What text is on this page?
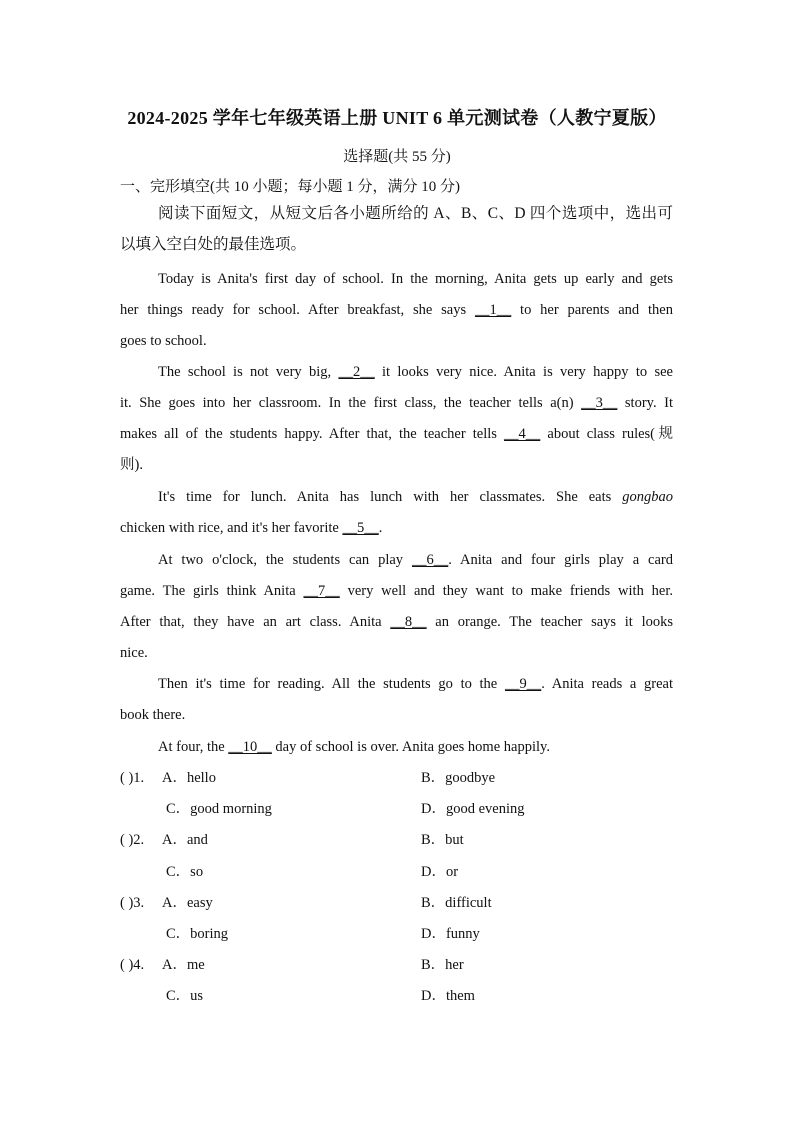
2024-2025 学年七年级英语上册 UNIT 6 单元测试卷（人教宁夏版）
选择题(共 55 分)
一、完形填空(共 10 小题；每小题 1 分，满分 10 分)
阅读下面短文，从短文后各小题所给的 A、B、C、D 四个选项中，选出可
以填入空白处的最佳选项。
Today is Anita's first day of school. In the morning, Anita gets up early and gets
her things ready for school. After breakfast, she says __1__ to her parents and then
goes to school.
The school is not very big, __2__ it looks very nice. Anita is very happy to see
it. She goes into her classroom. In the first class, the teacher tells a(n) __3__ story. It
makes all of the students happy. After that, the teacher tells __4__ about class rules(规
则).
It's time for lunch. Anita has lunch with her classmates. She eats gongbao
chicken with rice, and it's her favorite __5__.
At two o'clock, the students can play __6__. Anita and four girls play a card
game. The girls think Anita __7__ very well and they want to make friends with her.
After that, they have an art class. Anita __8__ an orange. The teacher says it looks
nice.
Then it's time for reading. All the students go to the __9__. Anita reads a great
book there.
At four, the __10__ day of school is over. Anita goes home happily.
( )1. A．hello	B．goodbye
C．good morning	D．good evening
( )2. A．and	B．but
C．so	D．or
( )3. A．easy	B．difficult
C．boring	D．funny
( )4. A．me	B．her
C．us	D．them
